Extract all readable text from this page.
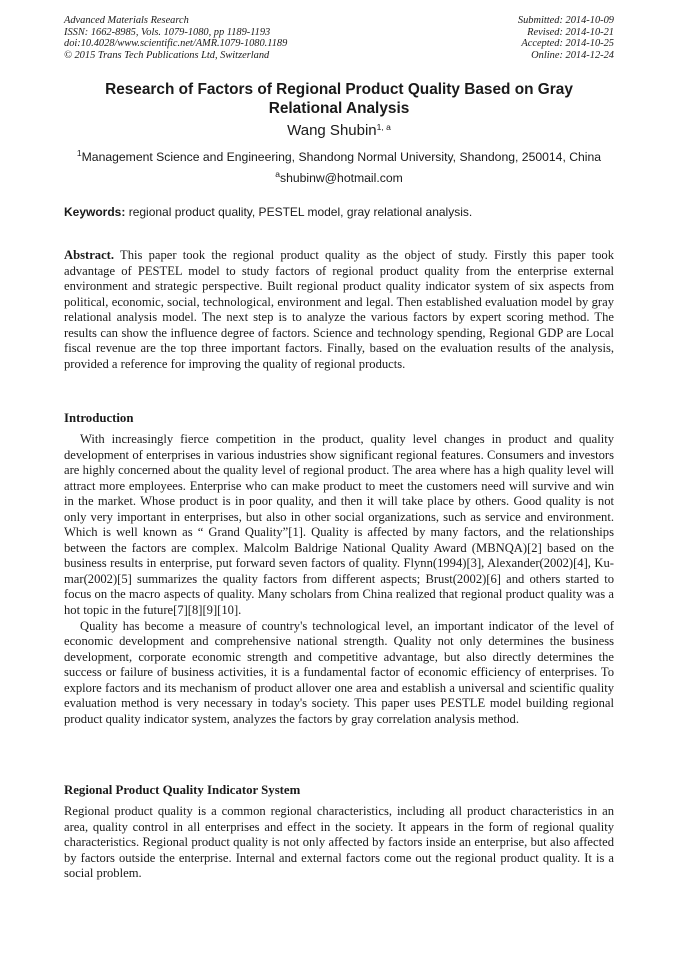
Advanced Materials Research
ISSN: 1662-8985, Vols. 1079-1080, pp 1189-1193
doi:10.4028/www.scientific.net/AMR.1079-1080.1189
© 2015 Trans Tech Publications Ltd, Switzerland
Submitted: 2014-10-09
Revised: 2014-10-21
Accepted: 2014-10-25
Online: 2014-12-24
Research of Factors of Regional Product Quality Based on Gray Relational Analysis
Wang Shubin$^{1, a}$
$^1$Management Science and Engineering, Shandong Normal University, Shandong, 250014, China
$^a$shubinw@hotmail.com
Keywords: regional product quality, PESTEL model, gray relational analysis.
Abstract. This paper took the regional product quality as the object of study. Firstly this paper took advantage of PESTEL model to study factors of regional product quality from the enterprise external environment and strategic perspective. Built regional product quality indicator system of six aspects from political, economic, social, technological, environment and legal. Then established evaluation model by gray relational analysis model. The next step is to analyze the various factors by expert scoring method. The results can show the influence degree of factors. Science and technology spending, Regional GDP are Local fiscal revenue are the top three important factors. Finally, based on the evaluation results of the analysis, provided a reference for improving the quality of regional products.
Introduction

With increasingly fierce competition in the product, quality level changes in product and quality development of enterprises in various industries show significant regional features. Consumers and investors are highly concerned about the quality level of regional product. The area where has a high quality level will attract more employees. Enterprise who can make product to meet the customers need will survive and win in the market. Whose product is in poor quality, and then it will take place by others. Good quality is not only very important in enterprises, but also in other social organizations, such as service and environment. Which is well known as “ Grand Quality”[1]. Quality is affected by many factors, and the relationships between the factors are complex. Malcolm Baldrige National Quality Award (MBNQA)[2] based on the business results in enterprise, put forward seven factors of quality. Flynn(1994)[3], Alexander(2002)[4], Ku-mar(2002)[5] summarizes the quality factors from different aspects; Brust(2002)[6] and others started to focus on the macro aspects of quality. Many scholars from China realized that regional product quality was a hot topic in the future[7][8][9][10].

Quality has become a measure of country's technological level, an important indicator of the level of economic development and comprehensive national strength. Quality not only determines the business development, corporate economic strength and competitive advantage, but also directly determines the success or failure of business activities, it is a fundamental factor of economic efficiency of enterprises. To explore factors and its mechanism of product allover one area and establish a universal and scientific quality evaluation method is very necessary in today's society. This paper uses PESTLE model building regional product quality indicator system, analyzes the factors by gray correlation analysis method.

Regional Product Quality Indicator System

Regional product quality is a common regional characteristics, including all product characteristics in an area, quality control in all enterprises and effect in the society. It appears in the form of regional quality characteristics. Regional product quality is not only affected by factors inside an enterprise, but also affected by factors outside the enterprise. Internal and external factors come out the regional product quality. It is a social problem.
